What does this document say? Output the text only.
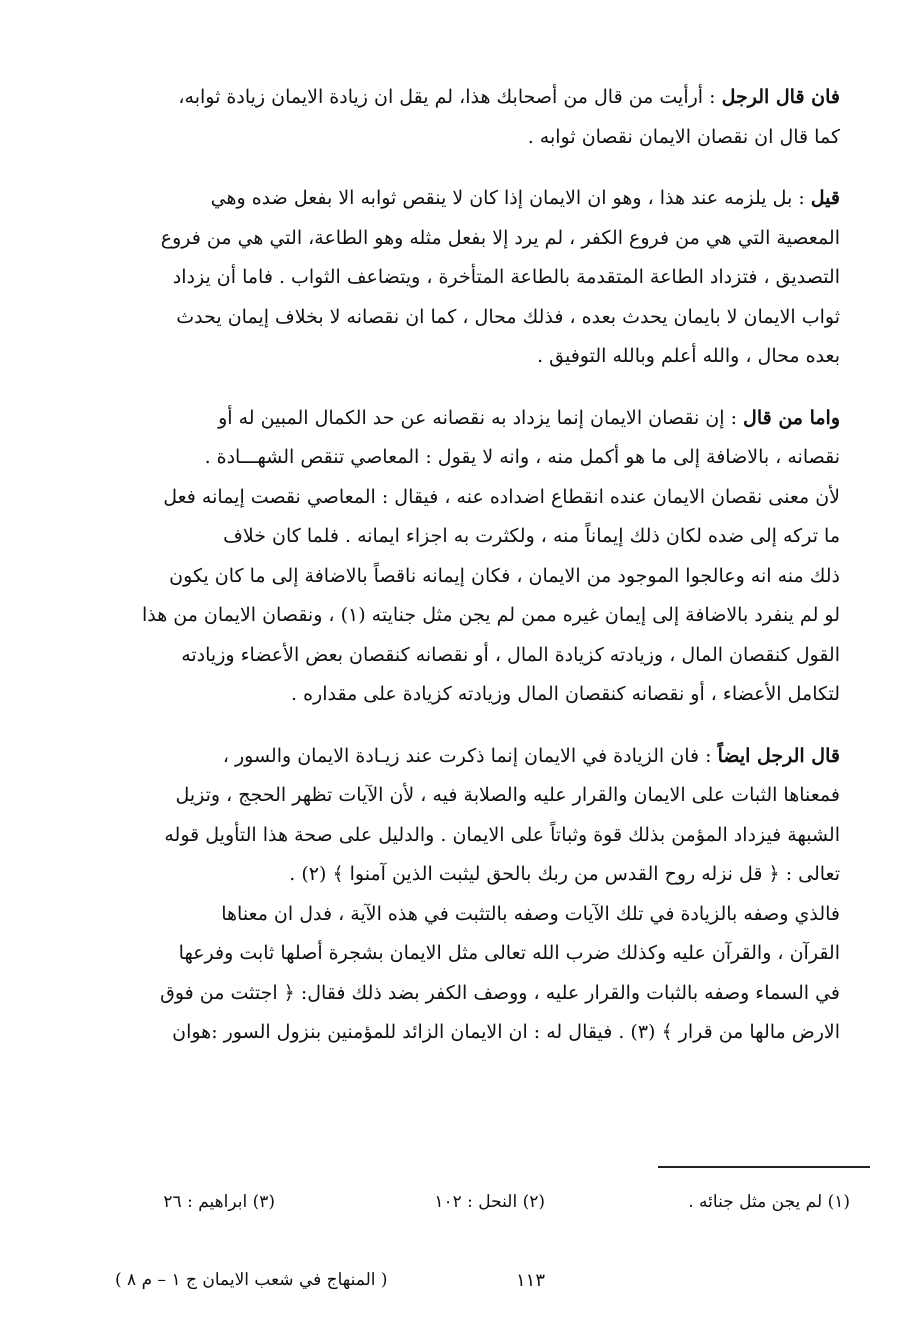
فان قال الرجل : أرأيت من قال من أصحابك هذا، لم يقل ان زيادة الايمان زيادة ثوابه،
كما قال ان نقصان الايمان نقصان ثوابه .
قيل : بل يلزمه عند هذا ، وهو ان الايمان إذا كان لا ينقص ثوابه الا بفعل ضده وهي
المعصية التي هي من فروع الكفر ، لم يرد إلا بفعل مثله وهو الطاعة، التي هي من فروع
التصديق ، فتزداد الطاعة المتقدمة بالطاعة المتأخرة ، ويتضاعف الثواب . فاما أن يزداد
ثواب الايمان لا بايمان يحدث بعده ، فذلك محال ، كما ان نقصانه لا بخلاف إيمان يحدث
بعده محال ، والله أعلم وبالله التوفيق .
واما من قال : إن نقصان الايمان إنما يزداد به نقصانه عن حد الكمال المبين له أو
نقصانه ، بالاضافة إلى ما هو أكمل منه ، وانه لا يقول : المعاصي تنقص الشهـــادة .
لأن معنى نقصان الايمان عنده انقطاع اضداده عنه ، فيقال : المعاصي نقصت إيمانه فعل
ما تركه إلى ضده لكان ذلك إيماناً منه ، ولكثرت به اجزاء ايمانه . فلما كان خلاف
ذلك منه انه وعالجوا الموجود من الايمان ، فكان إيمانه ناقصاً بالاضافة إلى ما كان يكون
لو لم ينفرد بالاضافة إلى إيمان غيره ممن لم يجن مثل جنايته (١) ، ونقصان الايمان من هذا
القول كنقصان المال ، وزيادته كزيادة المال ، أو نقصانه كنقصان بعض الأعضاء وزيادته
لتكامل الأعضاء ، أو نقصانه كنقصان المال وزيادته كزيادة على مقداره .
قال الرجل ايضاً : فان الزيادة في الايمان إنما ذكرت عند زيـادة الايمان والسور ،
فمعناها الثبات على الايمان والقرار عليه والصلابة فيه ، لأن الآيات تظهر الحجج ، وتزيل
الشبهة فيزداد المؤمن بذلك قوة وثباتاً على الايمان . والدليل على صحة هذا التأويل قوله
تعالى : ﴿ قل نزله روح القدس من ربك بالحق ليثبت الذين آمنوا ﴾ (٢) .
فالذي وصفه بالزيادة في تلك الآيات وصفه بالتثبت في هذه الآية ، فدل ان معناها
القرآن ، والقرآن عليه وكذلك ضرب الله تعالى مثل الايمان بشجرة أصلها ثابت وفرعها
في السماء وصفه بالثبات والقرار عليه ، ووصف الكفر بضد ذلك فقال: ﴿ اجتثت من فوق
الارض مالها من قرار ﴾ (٣) . فيقال له : ان الايمان الزائد للمؤمنين بنزول السور :هوان
(١) لم يجن مثل جنائه .
(٢) النحل : ١٠٢
(٣) ابراهيم : ٢٦
١١٣
( المنهاج في شعب الايمان ج ١ – م ٨ )
